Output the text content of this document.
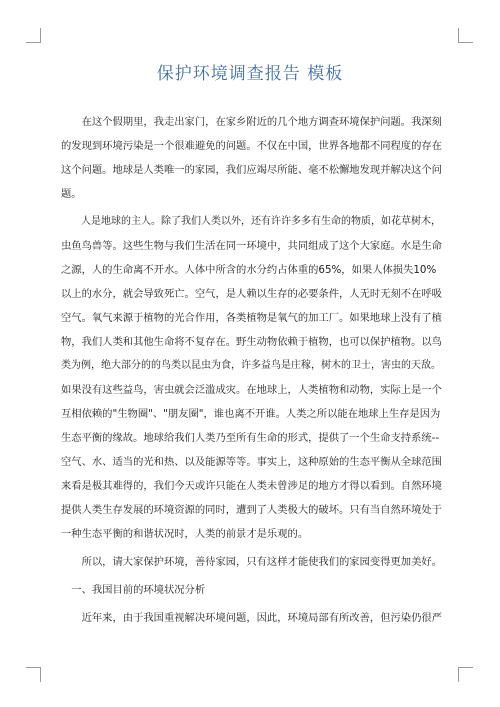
保护环境调查报告 模板
　　在这个假期里，我走出家门，在家乡附近的几个地方调查环境保护问题。我深刻
的发现到环境污染是一个很难避免的问题。不仅在中国，世界各地都不同程度的存在
这个问题。地球是人类唯一的家园，我们应竭尽所能、毫不松懈地发现并解决这个问
题。
　　人是地球的主人。除了我们人类以外，还有许许多多有生命的物质，如花草树木，
虫鱼鸟兽等。这些生物与我们生活在同一环境中，共同组成了这个大家庭。水是生命
之源，人的生命离不开水。人体中所含的水分约占体重的65%，如果人体损失10%
以上的水分，就会导致死亡。空气，是人赖以生存的必要条件，人无时无刻不在呼吸
空气。氧气来源于植物的光合作用，各类植物是氧气的加工厂。如果地球上没有了植
物，我们人类和其他生命将不复存在。野生动物依赖于植物，也可以保护植物。以鸟
类为例，绝大部分的的鸟类以昆虫为食，许多益鸟是庄稼，树木的卫士，害虫的天敌。
如果没有这些益鸟，害虫就会泛滥成灾。在地球上，人类植物和动物，实际上是一个
互相依赖的"生物圈"、"朋友圈"，谁也离不开谁。人类之所以能在地球上生存是因为
生态平衡的缘故。地球给我们人类乃至所有生命的形式，提供了一个生命支持系统--
空气、水、适当的光和热、以及能源等等。事实上，这种原始的生态平衡从全球范围
来看是极其难得的，我们今天或许只能在人类未曾涉足的地方才得以看到。自然环境
提供人类生存发展的环境资源的同时，遭到了人类极大的破坏。只有当自然环境处于
一种生态平衡的和谐状况时，人类的前景才是乐观的。
　　所以，请大家保护环境，善待家园，只有这样才能使我们的家园变得更加美好。
　一、我国目前的环境状况分析
　　近年来，由于我国重视解决环境问题，因此，环境局部有所改善，但污染仍很严
